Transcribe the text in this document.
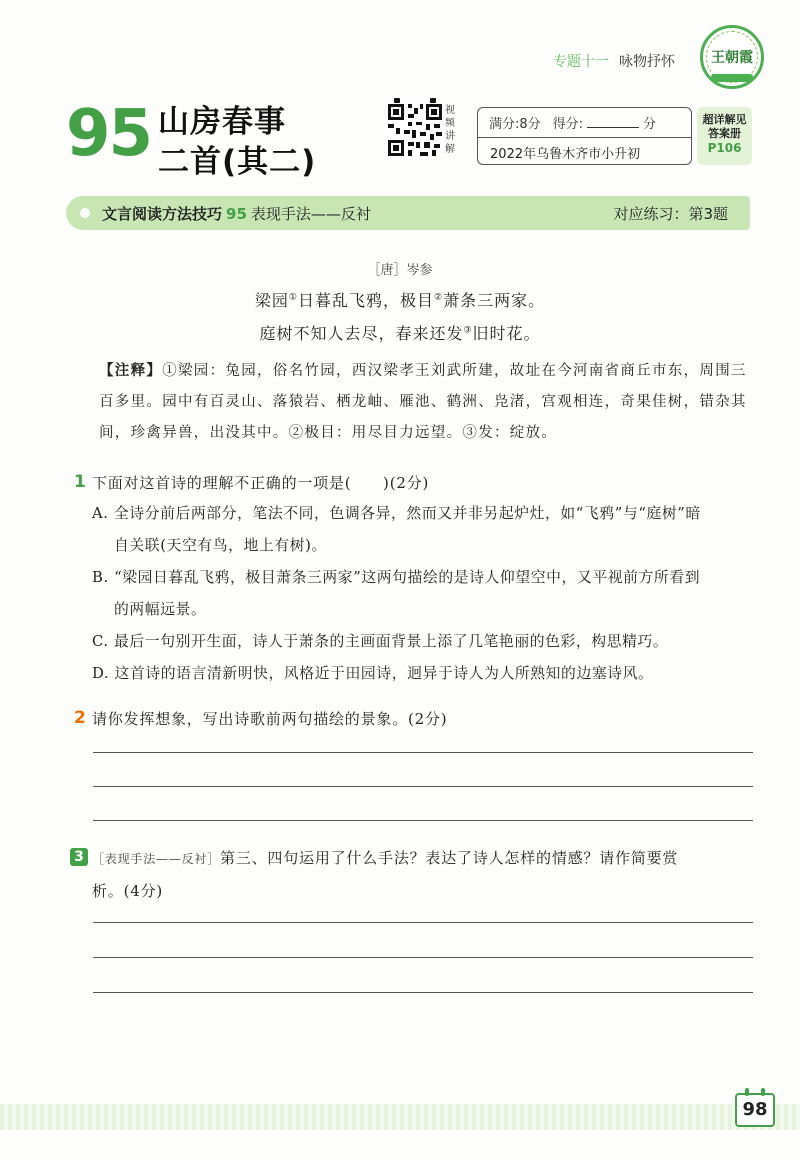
专题十一 咏物抒怀	王朝霞
95 山房春事
二首(其二)
视频讲解
满分:8分 得分:	分
2022年乌鲁木齐市小升初
超详解见
答案册
P106
文言阅读方法技巧 95 表现手法——反衬	对应练习：第3题
［唐］岑参
梁园①日暮乱飞鸦，极目②萧条三两家。
庭树不知人去尽，春来还发③旧时花。
【注释】①梁园：兔园，俗名竹园，西汉梁孝王刘武所建，故址在今河南省商丘市东，周围三百多里。园中有百灵山、落猿岩、栖龙岫、雁池、鹤洲、凫渚，宫观相连，奇果佳树，错杂其间，珍禽异兽，出没其中。②极目：用尽目力远望。③发：绽放。
1 下面对这首诗的理解不正确的一项是(　　)(2分)
A. 全诗分前后两部分，笔法不同，色调各异，然而又并非另起炉灶，如“飞鸦”与“庭树”暗
自关联(天空有鸟，地上有树)。
B. “梁园日暮乱飞鸦，极目萧条三两家”这两句描绘的是诗人仰望空中，又平视前方所看到
的两幅远景。
C. 最后一句别开生面，诗人于萧条的主画面背景上添了几笔艳丽的色彩，构思精巧。
D. 这首诗的语言清新明快，风格近于田园诗，迥异于诗人为人所熟知的边塞诗风。
2 请你发挥想象，写出诗歌前两句描绘的景象。(2分)
3 ［表现手法——反衬］第三、四句运用了什么手法？表达了诗人怎样的情感？请作简要赏
析。(4分)
98
